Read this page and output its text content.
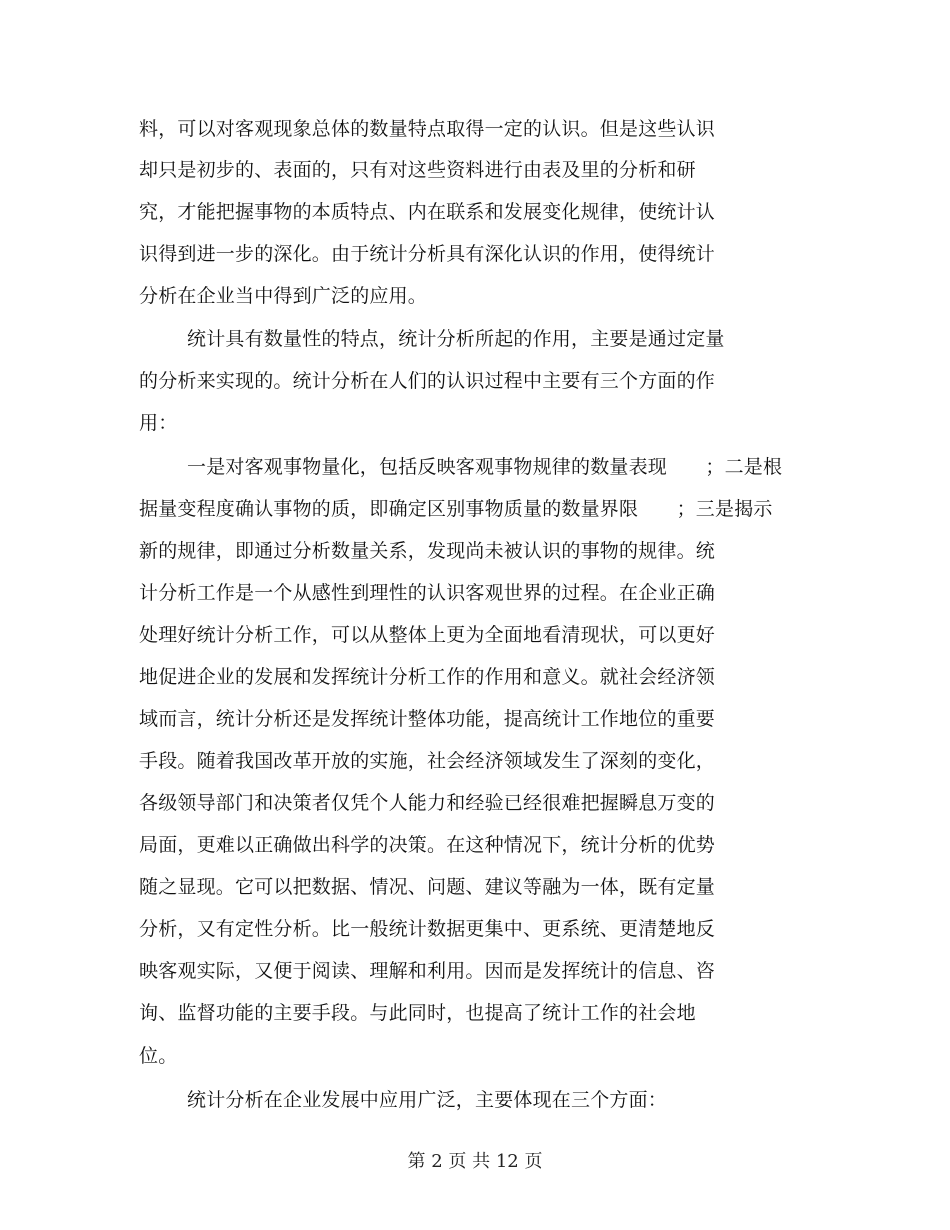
料，可以对客观现象总体的数量特点取得一定的认识。但是这些认识
却只是初步的、表面的，只有对这些资料进行由表及里的分析和研
究，才能把握事物的本质特点、内在联系和发展变化规律，使统计认
识得到进一步的深化。由于统计分析具有深化认识的作用，使得统计
分析在企业当中得到广泛的应用。
统计具有数量性的特点，统计分析所起的作用，主要是通过定量
的分析来实现的。统计分析在人们的认识过程中主要有三个方面的作
用：
一是对客观事物量化，包括反映客观事物规律的数量表现　　；二是根
据量变程度确认事物的质，即确定区别事物质量的数量界限　　；三是揭示
新的规律，即通过分析数量关系，发现尚未被认识的事物的规律。统
计分析工作是一个从感性到理性的认识客观世界的过程。在企业正确
处理好统计分析工作，可以从整体上更为全面地看清现状，可以更好
地促进企业的发展和发挥统计分析工作的作用和意义。就社会经济领
域而言，统计分析还是发挥统计整体功能，提高统计工作地位的重要
手段。随着我国改革开放的实施，社会经济领域发生了深刻的变化，
各级领导部门和决策者仅凭个人能力和经验已经很难把握瞬息万变的
局面，更难以正确做出科学的决策。在这种情况下，统计分析的优势
随之显现。它可以把数据、情况、问题、建议等融为一体，既有定量
分析，又有定性分析。比一般统计数据更集中、更系统、更清楚地反
映客观实际，又便于阅读、理解和利用。因而是发挥统计的信息、咨
询、监督功能的主要手段。与此同时，也提高了统计工作的社会地
位。
统计分析在企业发展中应用广泛，主要体现在三个方面：
第 2 页 共 12 页
